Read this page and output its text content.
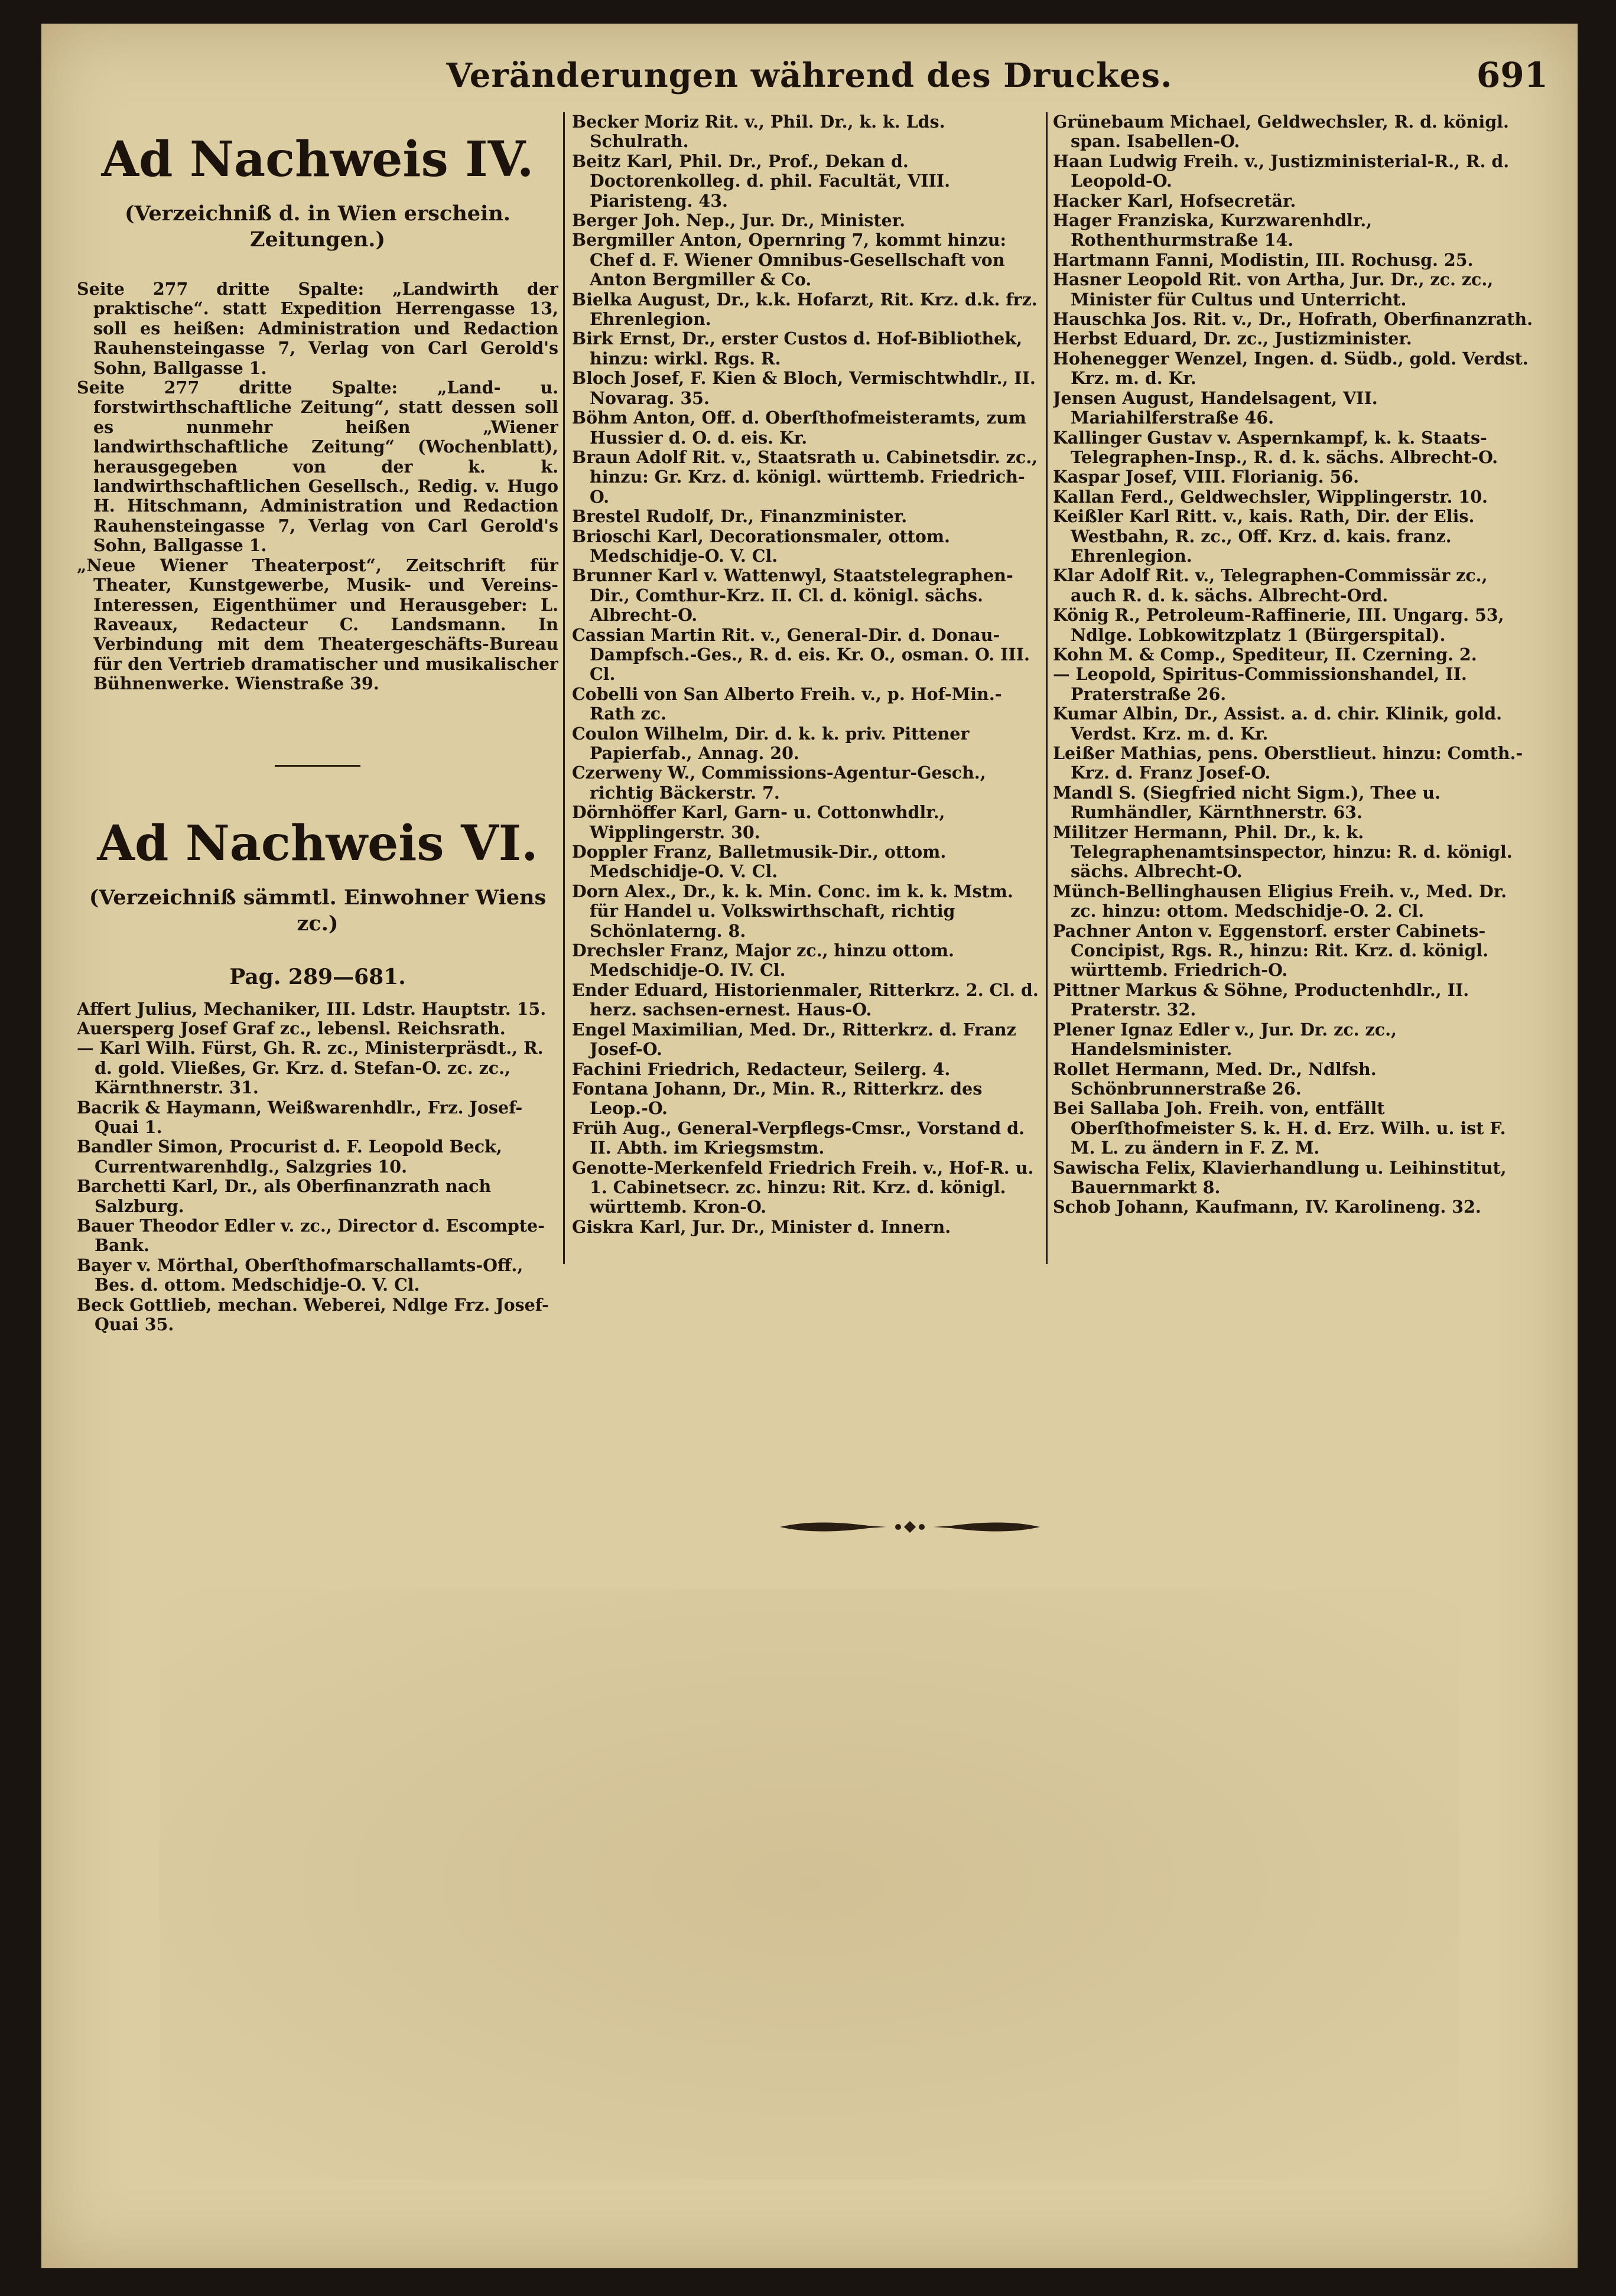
Veränderungen während des Druckes.	691
Ad Nachweis IV.
(Verzeichniß d. in Wien erschein. Zeitungen.)

Seite 277 dritte Spalte: „Landwirth der praktische“. statt Expedition Herrengasse 13, soll es heißen: Administration und Redaction Rauhensteingasse 7, Verlag von Carl Gerold's Sohn, Ballgasse 1.

Seite 277 dritte Spalte: „Land- u. forstwirthschaftliche Zeitung“, statt dessen soll es nunmehr heißen „Wiener landwirthschaftliche Zeitung“ (Wochenblatt), herausgegeben von der k. k. landwirthschaftlichen Gesellsch., Redig. v. Hugo H. Hitschmann, Administration und Redaction Rauhensteingasse 7, Verlag von Carl Gerold's Sohn, Ballgasse 1.

„Neue Wiener Theaterpost“, Zeitschrift für Theater, Kunstgewerbe, Musik- und Vereins-Interessen, Eigenthümer und Herausgeber: L. Raveaux, Redacteur C. Landsmann. In Verbindung mit dem Theatergeschäfts-Bureau für den Vertrieb dramatischer und musikalischer Bühnenwerke. Wienstraße 39.

Ad Nachweis VI.
(Verzeichniß sämmtl. Einwohner Wiens zc.)
Pag. 289—681.

Affert Julius, Mechaniker, III. Ldstr. Hauptstr. 15.

Auersperg Josef Graf zc., lebensl. Reichsrath.

— Karl Wilh. Fürst, Gh. R. zc., Ministerpräsdt., R. d. gold. Vließes, Gr. Krz. d. Stefan-O. zc. zc., Kärnthnerstr. 31.

Bacrik & Haymann, Weißwarenhdlr., Frz. Josef-Quai 1.

Bandler Simon, Procurist d. F. Leopold Beck, Currentwarenhdlg., Salzgries 10.

Barchetti Karl, Dr., als Oberfinanzrath nach Salzburg.

Bauer Theodor Edler v. zc., Director d. Escompte-Bank.

Bayer v. Mörthal, Oberſthofmarschallamts-Off., Bes. d. ottom. Medschidje-O. V. Cl.

Beck Gottlieb, mechan. Weberei, Ndlge Frz. Josef-Quai 35.

Becker Moriz Rit. v., Phil. Dr., k. k. Lds. Schulrath.

Beitz Karl, Phil. Dr., Prof., Dekan d. Doctorenkolleg. d. phil. Facultät, VIII. Piaristeng. 43.

Berger Joh. Nep., Jur. Dr., Minister.

Bergmiller Anton, Opernring 7, kommt hinzu: Chef d. F. Wiener Omnibus-Gesellschaft von Anton Bergmiller & Co.

Bielka August, Dr., k.k. Hofarzt, Rit. Krz. d.k. frz. Ehrenlegion.

Birk Ernst, Dr., erster Custos d. Hof-Bibliothek, hinzu: wirkl. Rgs. R.

Bloch Josef, F. Kien & Bloch, Vermischtwhdlr., II. Novarag. 35.

Böhm Anton, Off. d. Oberſthofmeisteramts, zum Hussier d. O. d. eis. Kr.

Braun Adolf Rit. v., Staatsrath u. Cabinetsdir. zc., hinzu: Gr. Krz. d. königl. württemb. Friedrich-O.

Brestel Rudolf, Dr., Finanzminister.

Brioschi Karl, Decorationsmaler, ottom. Medschidje-O. V. Cl.

Brunner Karl v. Wattenwyl, Staatstelegraphen-Dir., Comthur-Krz. II. Cl. d. königl. sächs. Albrecht-O.

Cassian Martin Rit. v., General-Dir. d. Donau-Dampfsch.-Ges., R. d. eis. Kr. O., osman. O. III. Cl.

Cobelli von San Alberto Freih. v., p. Hof-Min.-Rath zc.

Coulon Wilhelm, Dir. d. k. k. priv. Pittener Papierfab., Annag. 20.

Czerweny W., Commissions-Agentur-Gesch., richtig Bäckerstr. 7.

Dörnhöffer Karl, Garn- u. Cottonwhdlr., Wipplingerstr. 30.

Doppler Franz, Balletmusik-Dir., ottom. Medschidje-O. V. Cl.

Dorn Alex., Dr., k. k. Min. Conc. im k. k. Mstm. für Handel u. Volkswirthschaft, richtig Schönlaterng. 8.

Drechsler Franz, Major zc., hinzu ottom. Medschidje-O. IV. Cl.

Ender Eduard, Historienmaler, Ritterkrz. 2. Cl. d. herz. sachsen-ernest. Haus-O.

Engel Maximilian, Med. Dr., Ritterkrz. d. Franz Josef-O.

Fachini Friedrich, Redacteur, Seilerg. 4.

Fontana Johann, Dr., Min. R., Ritterkrz. des Leop.-O.

Früh Aug., General-Verpflegs-Cmsr., Vorstand d. II. Abth. im Kriegsmstm.

Genotte-Merkenfeld Friedrich Freih. v., Hof-R. u. 1. Cabinetsecr. zc. hinzu: Rit. Krz. d. königl. württemb. Kron-O.

Giskra Karl, Jur. Dr., Minister d. Innern.

Grünebaum Michael, Geldwechsler, R. d. königl. span. Isabellen-O.

Haan Ludwig Freih. v., Justizministerial-R., R. d. Leopold-O.

Hacker Karl, Hofsecretär.

Hager Franziska, Kurzwarenhdlr., Rothenthurmstraße 14.

Hartmann Fanni, Modistin, III. Rochusg. 25.

Hasner Leopold Rit. von Artha, Jur. Dr., zc. zc., Minister für Cultus und Unterricht.

Hauschka Jos. Rit. v., Dr., Hofrath, Oberfinanzrath.

Herbst Eduard, Dr. zc., Justizminister.

Hohenegger Wenzel, Ingen. d. Südb., gold. Verdst. Krz. m. d. Kr.

Jensen August, Handelsagent, VII. Mariahilferstraße 46.

Kallinger Gustav v. Aspernkampf, k. k. Staats-Telegraphen-Insp., R. d. k. sächs. Albrecht-O.

Kaspar Josef, VIII. Florianig. 56.

Kallan Ferd., Geldwechsler, Wipplingerstr. 10.

Keißler Karl Ritt. v., kais. Rath, Dir. der Elis. Westbahn, R. zc., Off. Krz. d. kais. franz. Ehrenlegion.

Klar Adolf Rit. v., Telegraphen-Commissär zc., auch R. d. k. sächs. Albrecht-Ord.

König R., Petroleum-Raffinerie, III. Ungarg. 53, Ndlge. Lobkowitzplatz 1 (Bürgerspital).

Kohn M. & Comp., Spediteur, II. Czerning. 2.

— Leopold, Spiritus-Commissionshandel, II. Praterstraße 26.

Kumar Albin, Dr., Assist. a. d. chir. Klinik, gold. Verdst. Krz. m. d. Kr.

Leißer Mathias, pens. Oberstlieut. hinzu: Comth.-Krz. d. Franz Josef-O.

Mandl S. (Siegfried nicht Sigm.), Thee u. Rumhändler, Kärnthnerstr. 63.

Militzer Hermann, Phil. Dr., k. k. Telegraphenamtsinspector, hinzu: R. d. königl. sächs. Albrecht-O.

Münch-Bellinghausen Eligius Freih. v., Med. Dr. zc. hinzu: ottom. Medschidje-O. 2. Cl.

Pachner Anton v. Eggenstorf. erster Cabinets-Concipist, Rgs. R., hinzu: Rit. Krz. d. königl. württemb. Friedrich-O.

Pittner Markus & Söhne, Productenhdlr., II. Praterstr. 32.

Plener Ignaz Edler v., Jur. Dr. zc. zc., Handelsminister.

Rollet Hermann, Med. Dr., Ndlfsh. Schönbrunnerstraße 26.

Bei Sallaba Joh. Freih. von, entfällt Oberſthofmeister S. k. H. d. Erz. Wilh. u. ist F. M. L. zu ändern in F. Z. M.

Sawischa Felix, Klavierhandlung u. Leihinstitut, Bauernmarkt 8.

Schob Johann, Kaufmann, IV. Karolineng. 32.
